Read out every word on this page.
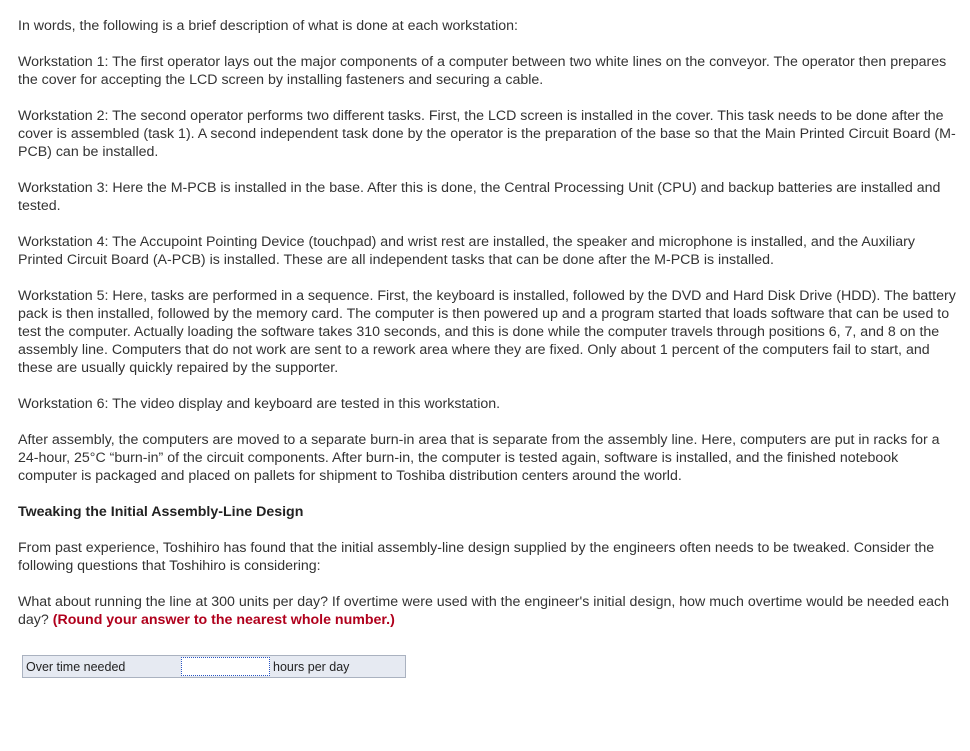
In words, the following is a brief description of what is done at each workstation:

Workstation 1: The first operator lays out the major components of a computer between two white lines on the conveyor. The operator then prepares the cover for accepting the LCD screen by installing fasteners and securing a cable.

Workstation 2: The second operator performs two different tasks. First, the LCD screen is installed in the cover. This task needs to be done after the cover is assembled (task 1). A second independent task done by the operator is the preparation of the base so that the Main Printed Circuit Board (M-PCB) can be installed.

Workstation 3: Here the M-PCB is installed in the base. After this is done, the Central Processing Unit (CPU) and backup batteries are installed and tested.

Workstation 4: The Accupoint Pointing Device (touchpad) and wrist rest are installed, the speaker and microphone is installed, and the Auxiliary Printed Circuit Board (A-PCB) is installed. These are all independent tasks that can be done after the M-PCB is installed.

Workstation 5: Here, tasks are performed in a sequence. First, the keyboard is installed, followed by the DVD and Hard Disk Drive (HDD). The battery pack is then installed, followed by the memory card. The computer is then powered up and a program started that loads software that can be used to test the computer. Actually loading the software takes 310 seconds, and this is done while the computer travels through positions 6, 7, and 8 on the assembly line. Computers that do not work are sent to a rework area where they are fixed. Only about 1 percent of the computers fail to start, and these are usually quickly repaired by the supporter.

Workstation 6: The video display and keyboard are tested in this workstation.

After assembly, the computers are moved to a separate burn-in area that is separate from the assembly line. Here, computers are put in racks for a 24-hour, 25°C “burn-in” of the circuit components. After burn-in, the computer is tested again, software is installed, and the finished notebook computer is packaged and placed on pallets for shipment to Toshiba distribution centers around the world.

Tweaking the Initial Assembly-Line Design

From past experience, Toshihiro has found that the initial assembly-line design supplied by the engineers often needs to be tweaked. Consider the following questions that Toshihiro is considering:

What about running the line at 300 units per day? If overtime were used with the engineer's initial design, how much overtime would be needed each day? (Round your answer to the nearest whole number.)

Over time needed	hours per day
